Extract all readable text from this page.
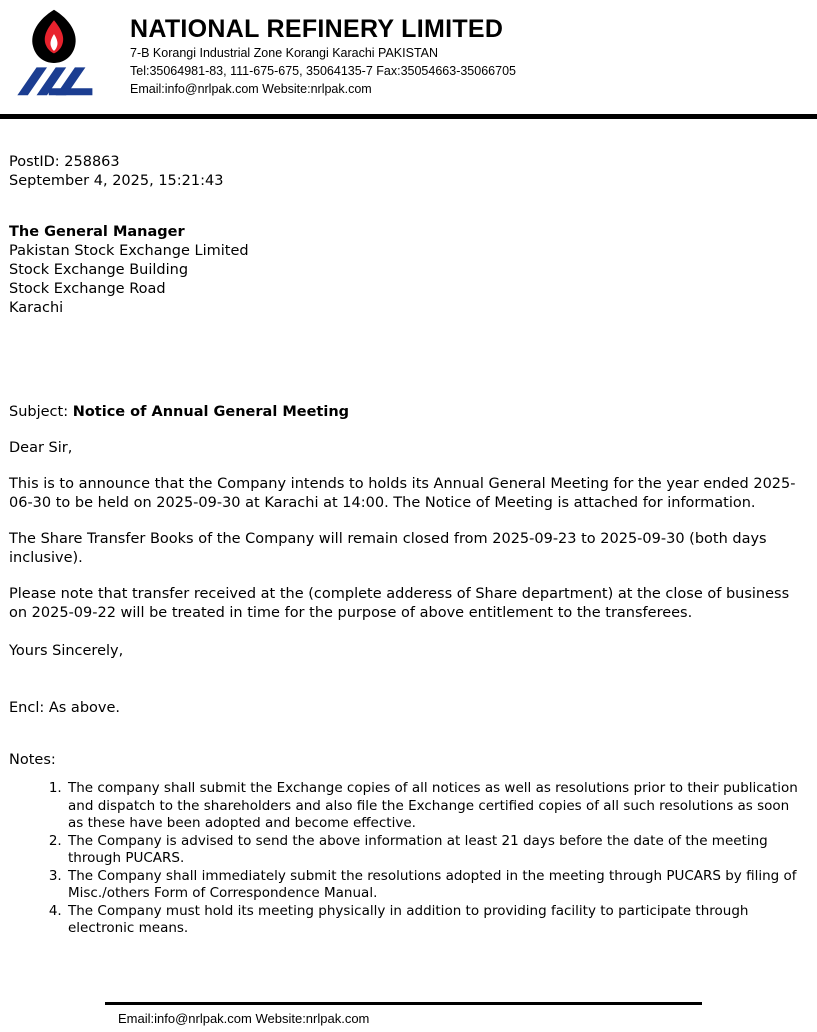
NATIONAL REFINERY LIMITED
7-B Korangi Industrial Zone Korangi Karachi PAKISTAN
Tel:35064981-83, 111-675-675, 35064135-7 Fax:35054663-35066705
Email:info@nrlpak.com Website:nrlpak.com
PostID: 258863
September 4, 2025, 15:21:43
The General Manager
Pakistan Stock Exchange Limited
Stock Exchange Building
Stock Exchange Road
Karachi

Subject: Notice of Annual General Meeting

Dear Sir,

This is to announce that the Company intends to holds its Annual General Meeting for the year ended 2025-06-30 to be held on 2025-09-30 at Karachi at 14:00. The Notice of Meeting is attached for information.

The Share Transfer Books of the Company will remain closed from 2025-09-23 to 2025-09-30 (both days inclusive).

Please note that transfer received at the (complete adderess of Share department) at the close of business on 2025-09-22 will be treated in time for the purpose of above entitlement to the transferees.

Yours Sincerely,

Encl: As above.

Notes:

1. The company shall submit the Exchange copies of all notices as well as resolutions prior to their publication and dispatch to the shareholders and also file the Exchange certified copies of all such resolutions as soon as these have been adopted and become effective.
2. The Company is advised to send the above information at least 21 days before the date of the meeting through PUCARS.
3. The Company shall immediately submit the resolutions adopted in the meeting through PUCARS by filing of Misc./others Form of Correspondence Manual.
4. The Company must hold its meeting physically in addition to providing facility to participate through electronic means.
Email:info@nrlpak.com Website:nrlpak.com
